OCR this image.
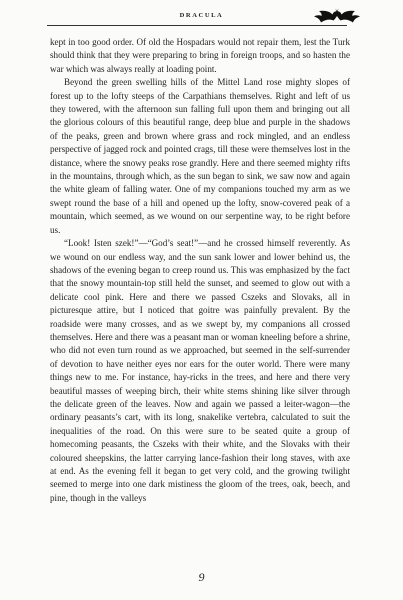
DRACULA

kept in too good order. Of old the Hospadars would not repair them, lest the Turk should think that they were preparing to bring in foreign troops, and so hasten the war which was always really at loading point.

Beyond the green swelling hills of the Mittel Land rose mighty slopes of forest up to the lofty steeps of the Carpathians themselves. Right and left of us they towered, with the afternoon sun falling full upon them and bringing out all the glorious colours of this beautiful range, deep blue and purple in the shadows of the peaks, green and brown where grass and rock mingled, and an endless perspective of jagged rock and pointed crags, till these were themselves lost in the distance, where the snowy peaks rose grandly. Here and there seemed mighty rifts in the mountains, through which, as the sun began to sink, we saw now and again the white gleam of falling water. One of my companions touched my arm as we swept round the base of a hill and opened up the lofty, snow-covered peak of a mountain, which seemed, as we wound on our serpentine way, to be right before us.

“Look! Isten szek!”—“God’s seat!”—and he crossed himself reverently. As we wound on our endless way, and the sun sank lower and lower behind us, the shadows of the evening began to creep round us. This was emphasized by the fact that the snowy mountain-top still held the sunset, and seemed to glow out with a delicate cool pink. Here and there we passed Cszeks and Slovaks, all in picturesque attire, but I noticed that goitre was painfully prevalent. By the roadside were many crosses, and as we swept by, my companions all crossed themselves. Here and there was a peasant man or woman kneeling before a shrine, who did not even turn round as we approached, but seemed in the self-surrender of devotion to have neither eyes nor ears for the outer world. There were many things new to me. For instance, hay-ricks in the trees, and here and there very beautiful masses of weeping birch, their white stems shining like silver through the delicate green of the leaves. Now and again we passed a leiter-wagon—the ordinary peasants’s cart, with its long, snakelike vertebra, calculated to suit the inequalities of the road. On this were sure to be seated quite a group of homecoming peasants, the Cszeks with their white, and the Slovaks with their coloured sheepskins, the latter carrying lance-fashion their long staves, with axe at end. As the evening fell it began to get very cold, and the growing twilight seemed to merge into one dark mistiness the gloom of the trees, oak, beech, and pine, though in the valleys

9
